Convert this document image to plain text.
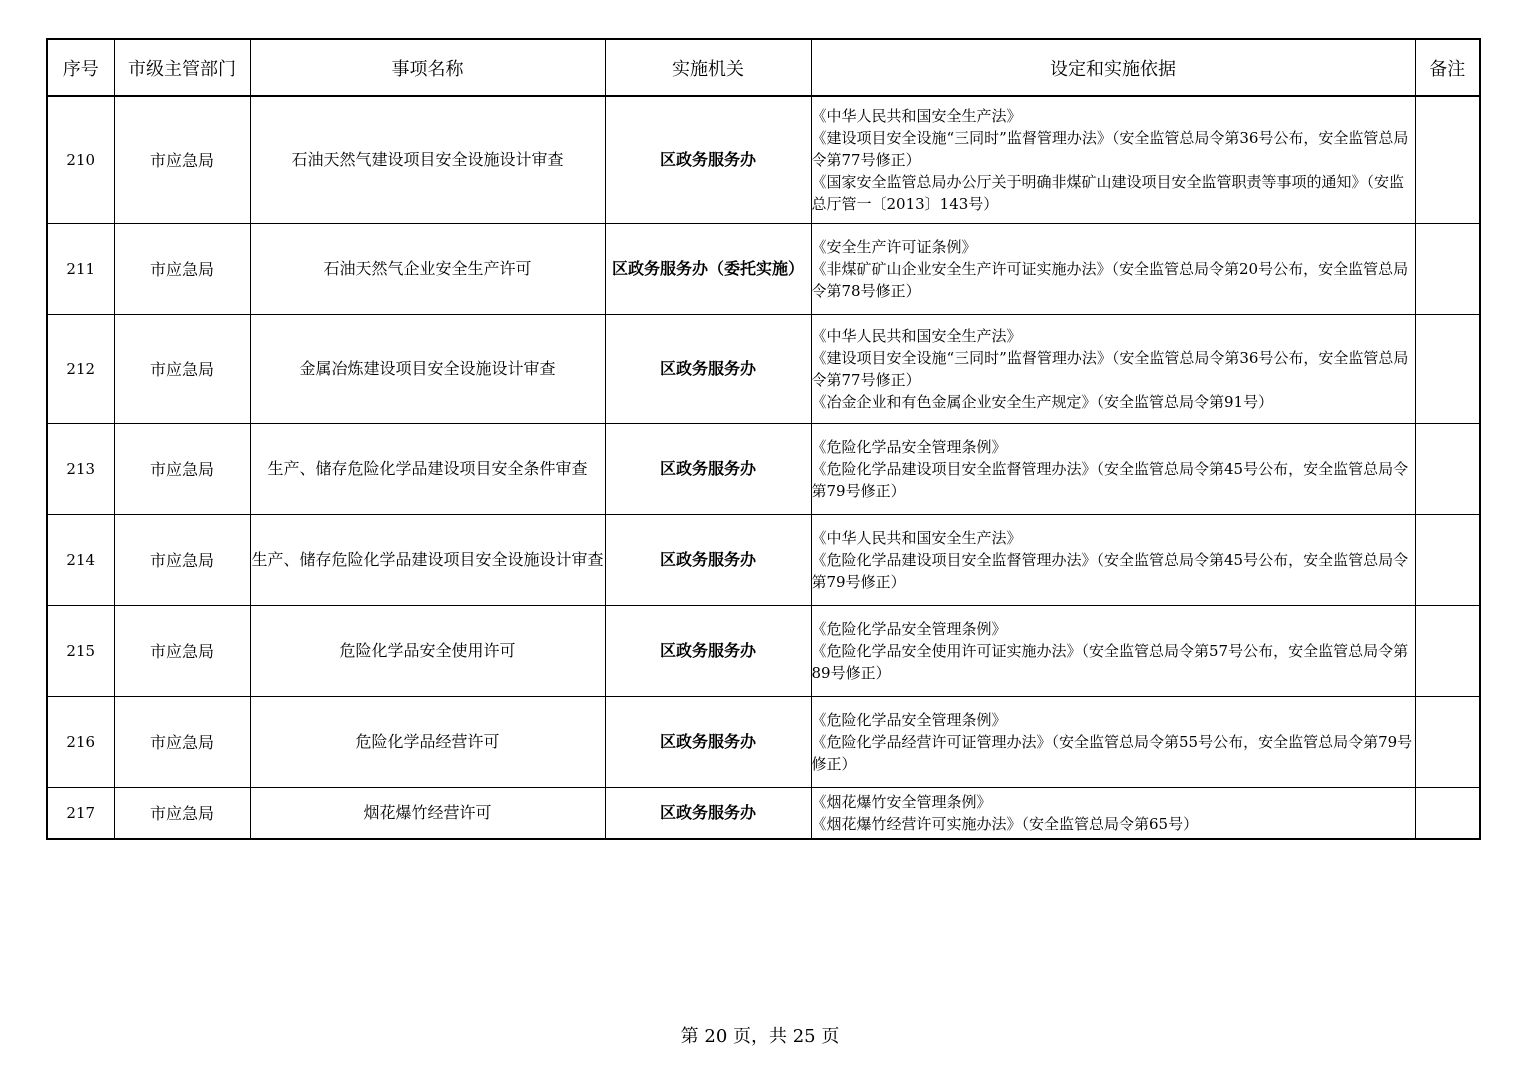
序号	市级主管部门	事项名称	实施机关	设定和实施依据	备注
210	市应急局	石油天然气建设项目安全设施设计审查	区政务服务办	《中华人民共和国安全生产法》
《建设项目安全设施“三同时”监督管理办法》（安全监管总局令第36号公布，安全监管总局令第77号修正）
《国家安全监管总局办公厅关于明确非煤矿山建设项目安全监管职责等事项的通知》（安监总厅管一〔2013〕143号）	

211	市应急局	石油天然气企业安全生产许可	区政务服务办（委托实施）	《安全生产许可证条例》
《非煤矿矿山企业安全生产许可证实施办法》（安全监管总局令第20号公布，安全监管总局令第78号修正）	

212	市应急局	金属冶炼建设项目安全设施设计审查	区政务服务办	《中华人民共和国安全生产法》
《建设项目安全设施“三同时”监督管理办法》（安全监管总局令第36号公布，安全监管总局令第77号修正）
《冶金企业和有色金属企业安全生产规定》（安全监管总局令第91号）	

213	市应急局	生产、储存危险化学品建设项目安全条件审查	区政务服务办	《危险化学品安全管理条例》
《危险化学品建设项目安全监督管理办法》（安全监管总局令第45号公布，安全监管总局令第79号修正）	

214	市应急局	生产、储存危险化学品建设项目安全设施设计审查	区政务服务办	《中华人民共和国安全生产法》
《危险化学品建设项目安全监督管理办法》（安全监管总局令第45号公布，安全监管总局令第79号修正）	

215	市应急局	危险化学品安全使用许可	区政务服务办	《危险化学品安全管理条例》
《危险化学品安全使用许可证实施办法》（安全监管总局令第57号公布，安全监管总局令第89号修正）	

216	市应急局	危险化学品经营许可	区政务服务办	《危险化学品安全管理条例》
《危险化学品经营许可证管理办法》（安全监管总局令第55号公布，安全监管总局令第79号修正）	

217	市应急局	烟花爆竹经营许可	区政务服务办	《烟花爆竹安全管理条例》
《烟花爆竹经营许可实施办法》（安全监管总局令第65号）	

第 20 页，共 25 页
